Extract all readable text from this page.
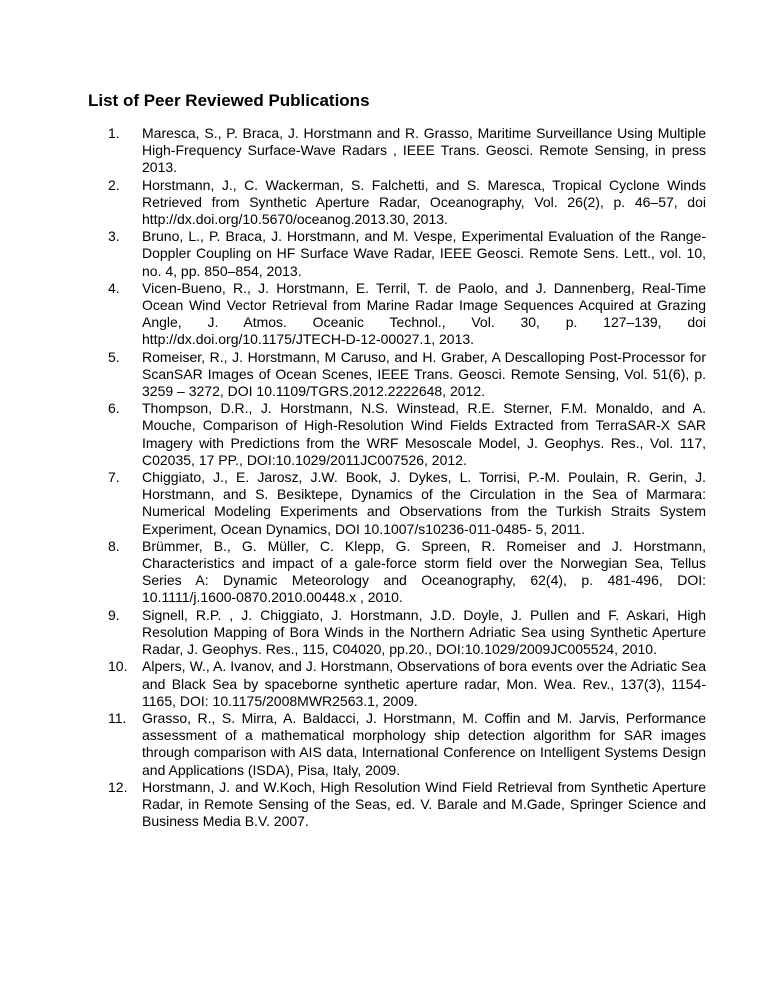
List of Peer Reviewed Publications
1.	Maresca, S., P. Braca, J. Horstmann and R. Grasso, Maritime Surveillance Using Multiple High-Frequency Surface-Wave Radars , IEEE Trans. Geosci. Remote Sensing, in press 2013.
2.	Horstmann, J., C. Wackerman, S. Falchetti, and S. Maresca, Tropical Cyclone Winds Retrieved from Synthetic Aperture Radar, Oceanography, Vol. 26(2), p. 46–57, doi http://dx.doi.org/10.5670/oceanog.2013.30, 2013.
3.	Bruno, L., P. Braca, J. Horstmann, and M. Vespe, Experimental Evaluation of the Range-Doppler Coupling on HF Surface Wave Radar, IEEE Geosci. Remote Sens. Lett., vol. 10, no. 4, pp. 850–854, 2013.
4.	Vicen-Bueno, R., J. Horstmann, E. Terril, T. de Paolo, and J. Dannenberg, Real-Time Ocean Wind Vector Retrieval from Marine Radar Image Sequences Acquired at Grazing Angle, J. Atmos. Oceanic Technol., Vol. 30, p. 127–139, doi http://dx.doi.org/10.1175/JTECH-D-12-00027.1, 2013.
5.	Romeiser, R., J. Horstmann, M Caruso, and H. Graber, A Descalloping Post-Processor for ScanSAR Images of Ocean Scenes, IEEE Trans. Geosci. Remote Sensing, Vol. 51(6), p. 3259 – 3272, DOI 10.1109/TGRS.2012.2222648, 2012.
6.	Thompson, D.R., J. Horstmann, N.S. Winstead, R.E. Sterner, F.M. Monaldo, and A. Mouche, Comparison of High-Resolution Wind Fields Extracted from TerraSAR-X SAR Imagery with Predictions from the WRF Mesoscale Model, J. Geophys. Res., Vol. 117, C02035, 17 PP., DOI:10.1029/2011JC007526, 2012.
7.	Chiggiato, J., E. Jarosz, J.W. Book, J. Dykes, L. Torrisi, P.-M. Poulain, R. Gerin, J. Horstmann, and S. Besiktepe, Dynamics of the Circulation in the Sea of Marmara: Numerical Modeling Experiments and Observations from the Turkish Straits System Experiment, Ocean Dynamics, DOI 10.1007/s10236-011-0485- 5, 2011.
8.	Brümmer, B., G. Müller, C. Klepp, G. Spreen, R. Romeiser and J. Horstmann, Characteristics and impact of a gale-force storm field over the Norwegian Sea, Tellus Series A: Dynamic Meteorology and Oceanography, 62(4), p. 481-496, DOI: 10.1111/j.1600-0870.2010.00448.x , 2010.
9.	Signell, R.P. , J. Chiggiato, J. Horstmann, J.D. Doyle, J. Pullen and F. Askari, High Resolution Mapping of Bora Winds in the Northern Adriatic Sea using Synthetic Aperture Radar, J. Geophys. Res., 115, C04020, pp.20., DOI:10.1029/2009JC005524, 2010.
10.	Alpers, W., A. Ivanov, and J. Horstmann, Observations of bora events over the Adriatic Sea and Black Sea by spaceborne synthetic aperture radar, Mon. Wea. Rev., 137(3), 1154-1165, DOI: 10.1175/2008MWR2563.1, 2009.
11.	Grasso, R., S. Mirra, A. Baldacci, J. Horstmann, M. Coffin and M. Jarvis, Performance assessment of a mathematical morphology ship detection algorithm for SAR images through comparison with AIS data, International Conference on Intelligent Systems Design and Applications (ISDA), Pisa, Italy, 2009.
12.	Horstmann, J. and W.Koch, High Resolution Wind Field Retrieval from Synthetic Aperture Radar, in Remote Sensing of the Seas, ed. V. Barale and M.Gade, Springer Science and Business Media B.V. 2007.
